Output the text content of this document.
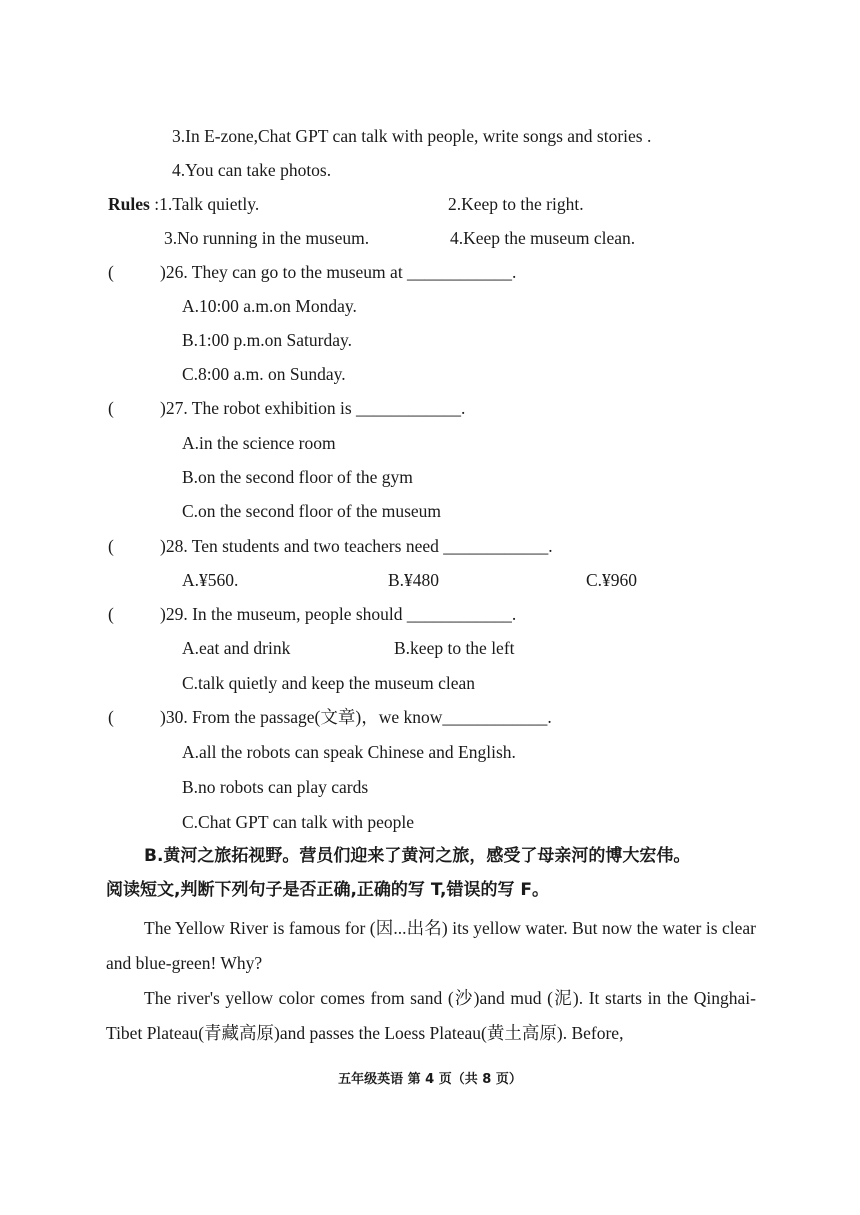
3.In E-zone,Chat GPT can talk with people, write songs and stories .
4.You can take photos.
Rules :1.Talk quietly.	2.Keep to the right.
3.No running in the museum.	4.Keep the museum clean.
(	)26. They can go to the museum at ____________.
A.10:00 a.m.on Monday.
B.1:00 p.m.on Saturday.
C.8:00 a.m. on Sunday.
(	)27. The robot exhibition is ____________.
A.in the science room
B.on the second floor of the gym
C.on the second floor of the museum
(	)28. Ten students and two teachers need ____________.
A.¥560.	B.¥480	C.¥960
(	)29. In the museum, people should ____________.
A.eat and drink	B.keep to the left
C.talk quietly and keep the museum clean
(	)30. From the passage(文章)，we know____________.
A.all the robots can speak Chinese and English.
B.no robots can play cards
C.Chat GPT can talk with people
B.黄河之旅拓视野。营员们迎来了黄河之旅，感受了母亲河的博大宏伟。
阅读短文,判断下列句子是否正确,正确的写 T,错误的写 F。
The Yellow River is famous for (因...出名) its yellow water. But now the water is clear and blue-green! Why?
The river's yellow color comes from sand (沙)and mud (泥). It starts in the Qinghai-Tibet Plateau(青藏高原)and passes the Loess Plateau(黄土高原). Before,
五年级英语 第 4 页（共 8 页）
